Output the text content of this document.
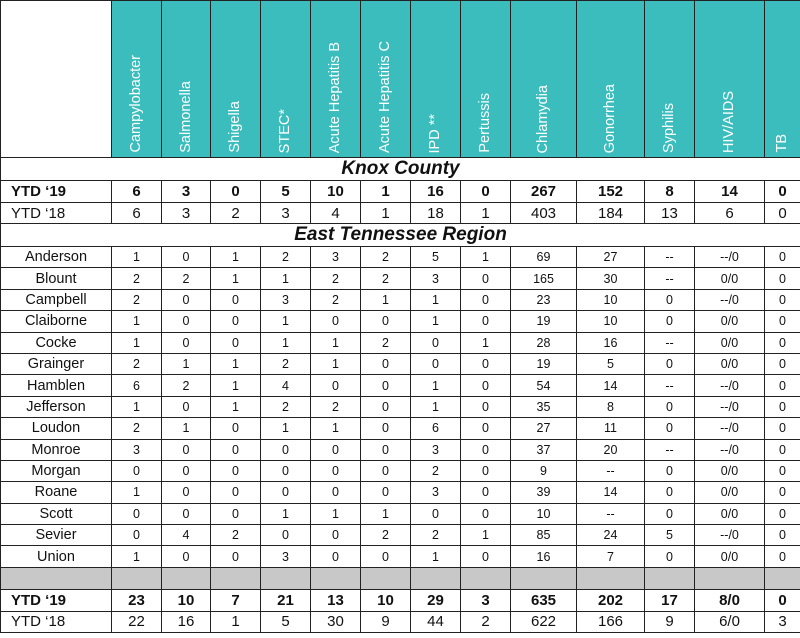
	Campylobacter	Salmonella	Shigella	STEC*	Acute Hepatitis B	Acute Hepatitis C	IPD **	Pertussis	Chlamydia	Gonorrhea	Syphilis	HIV/AIDS	TB

Knox County													
YTD ‘19	6	3	0	5	10	1	16	0	267	152	8	14	0
YTD ‘18	6	3	2	3	4	1	18	1	403	184	13	6	0
East Tennessee Region													
Anderson	1	0	1	2	3	2	5	1	69	27	--	--/0	0
Blount	2	2	1	1	2	2	3	0	165	30	--	0/0	0
Campbell	2	0	0	3	2	1	1	0	23	10	0	--/0	0
Claiborne	1	0	0	1	0	0	1	0	19	10	0	0/0	0
Cocke	1	0	0	1	1	2	0	1	28	16	--	0/0	0
Grainger	2	1	1	2	1	0	0	0	19	5	0	0/0	0
Hamblen	6	2	1	4	0	0	1	0	54	14	--	--/0	0
Jefferson	1	0	1	2	2	0	1	0	35	8	0	--/0	0
Loudon	2	1	0	1	1	0	6	0	27	11	0	--/0	0
Monroe	3	0	0	0	0	0	3	0	37	20	--	--/0	0
Morgan	0	0	0	0	0	0	2	0	9	--	0	0/0	0
Roane	1	0	0	0	0	0	3	0	39	14	0	0/0	0
Scott	0	0	0	1	1	1	0	0	10	--	0	0/0	0
Sevier	0	4	2	0	0	2	2	1	85	24	5	--/0	0
Union	1	0	0	3	0	0	1	0	16	7	0	0/0	0

YTD ‘19	23	10	7	21	13	10	29	3	635	202	17	8/0	0
YTD ‘18	22	16	1	5	30	9	44	2	622	166	9	6/0	3
